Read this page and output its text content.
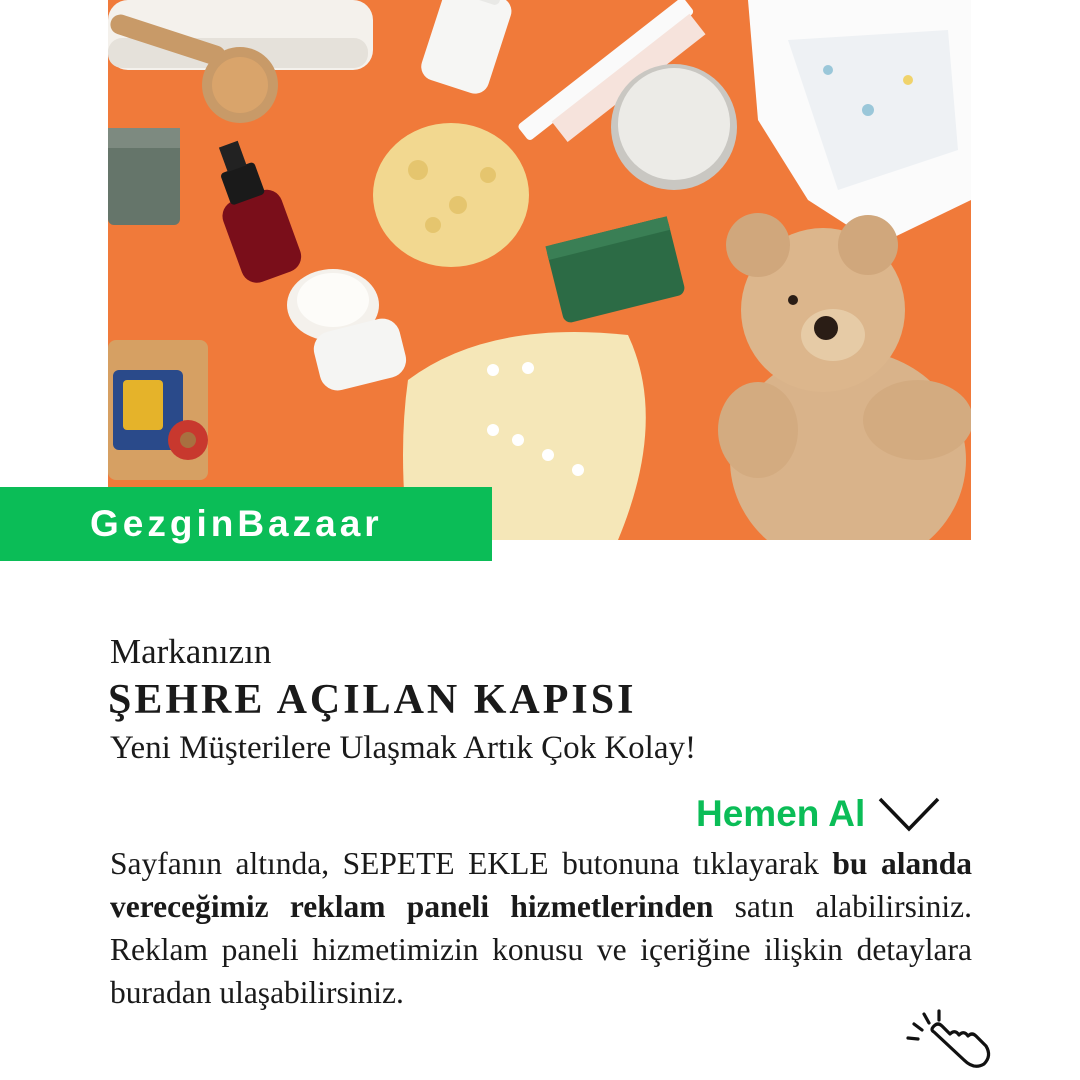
GezginBazaar
Markanızın
ŞEHRE AÇILAN KAPISI
Yeni Müşterilere Ulaşmak Artık Çok Kolay!
Hemen Al
Sayfanın altında, SEPETE EKLE butonuna tıklayarak bu alanda vereceğimiz reklam paneli hizmetlerinden satın alabilirsiniz. Reklam paneli hizmetimizin konusu ve içeriğine ilişkin detaylara buradan ulaşabilirsiniz.
